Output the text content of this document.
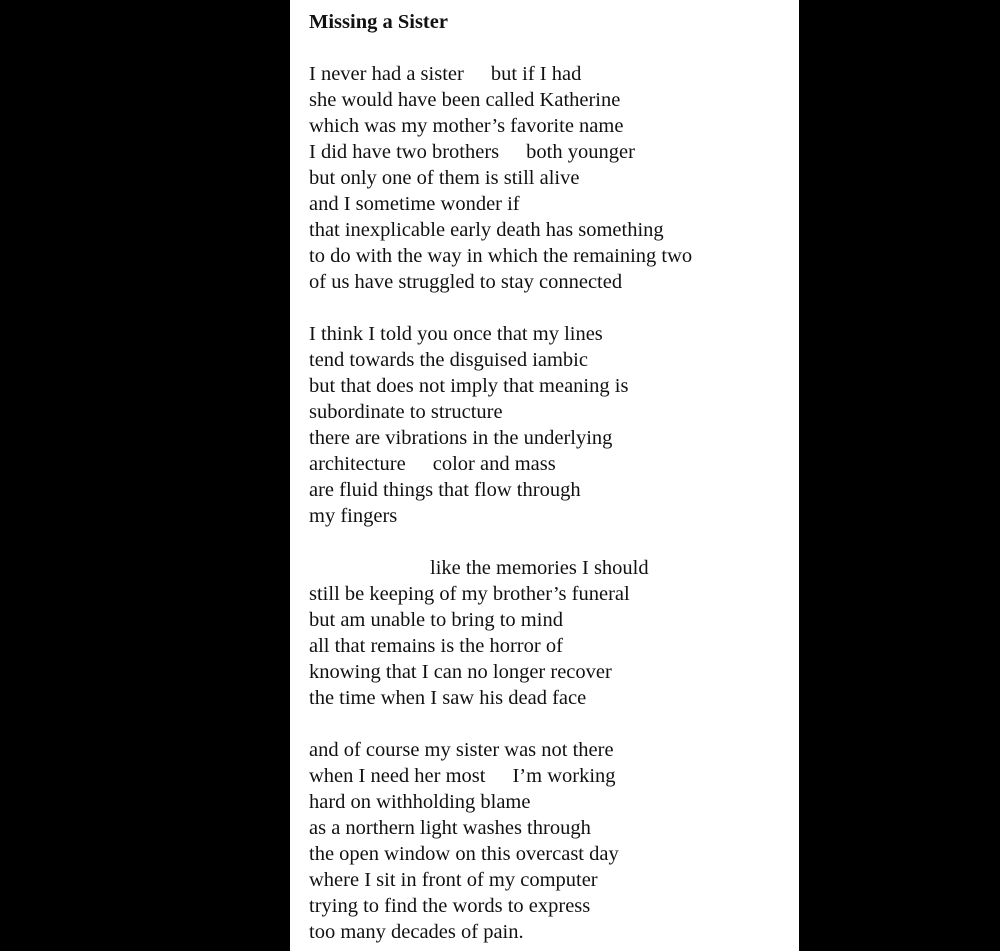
Missing a Sister
I never had a sister but if I had
she would have been called Katherine
which was my mother’s favorite name
I did have two brothers both younger
but only one of them is still alive
and I sometime wonder if
that inexplicable early death has something
to do with the way in which the remaining two
of us have struggled to stay connected
I think I told you once that my lines
tend towards the disguised iambic
but that does not imply that meaning is
subordinate to structure
there are vibrations in the underlying
architecture color and mass
are fluid things that flow through
my fingers
like the memories I should
still be keeping of my brother’s funeral
but am unable to bring to mind
all that remains is the horror of
knowing that I can no longer recover
the time when I saw his dead face
and of course my sister was not there
when I need her most I’m working
hard on withholding blame
as a northern light washes through
the open window on this overcast day
where I sit in front of my computer
trying to find the words to express
too many decades of pain.
